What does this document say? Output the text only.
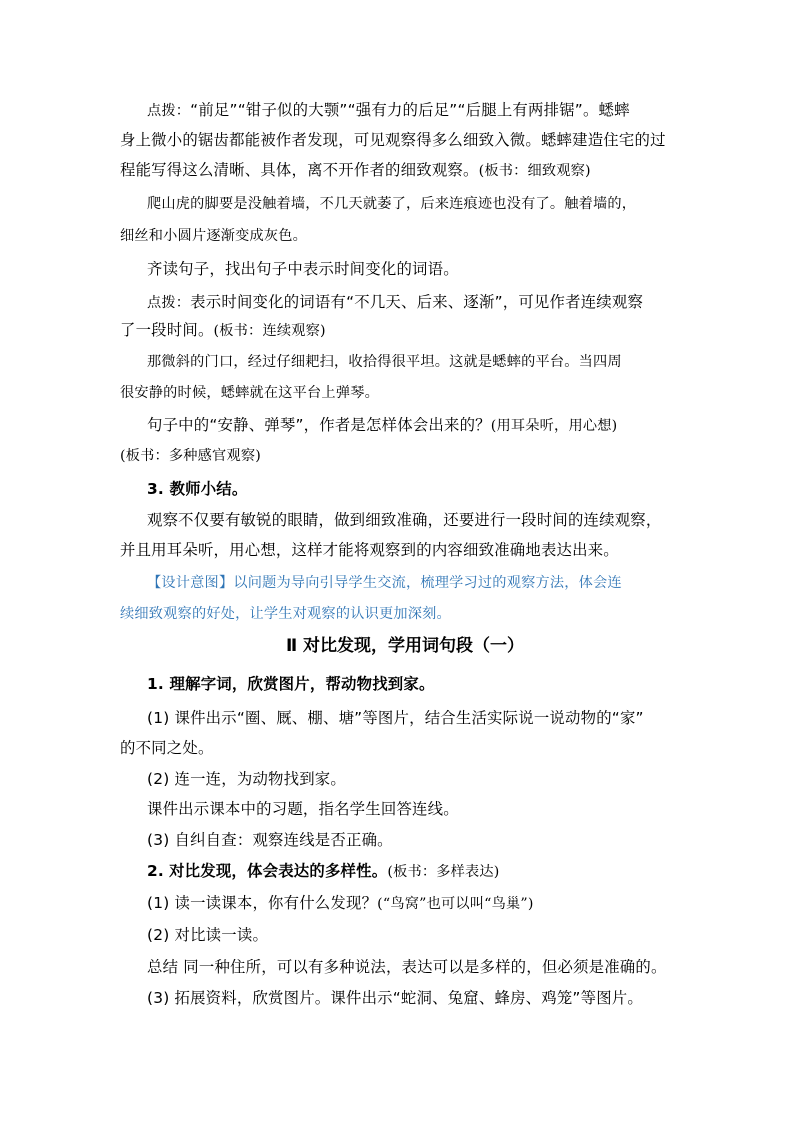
点拨：“前足”“钳子似的大颚”“强有力的后足”“后腿上有两排锯”。蟋蟀
身上微小的锯齿都能被作者发现，可见观察得多么细致入微。蟋蟀建造住宅的过
程能写得这么清晰、具体，离不开作者的细致观察。(板书：细致观察)
爬山虎的脚要是没触着墙，不几天就萎了，后来连痕迹也没有了。触着墙的，
细丝和小圆片逐渐变成灰色。
齐读句子，找出句子中表示时间变化的词语。
点拨：表示时间变化的词语有“不几天、后来、逐渐”，可见作者连续观察
了一段时间。(板书：连续观察)
那微斜的门口，经过仔细耙扫，收拾得很平坦。这就是蟋蟀的平台。当四周
很安静的时候，蟋蟀就在这平台上弹琴。
句子中的“安静、弹琴”，作者是怎样体会出来的？(用耳朵听，用心想)
(板书：多种感官观察)
3. 教师小结。
观察不仅要有敏锐的眼睛，做到细致准确，还要进行一段时间的连续观察，
并且用耳朵听，用心想，这样才能将观察到的内容细致准确地表达出来。
【设计意图】以问题为导向引导学生交流，梳理学习过的观察方法，体会连
续细致观察的好处，让学生对观察的认识更加深刻。
Ⅱ 对比发现，学用词句段（一）
1. 理解字词，欣赏图片，帮动物找到家。
(1) 课件出示“圈、厩、棚、塘”等图片，结合生活实际说一说动物的“家”
的不同之处。
(2) 连一连，为动物找到家。
课件出示课本中的习题，指名学生回答连线。
(3) 自纠自查：观察连线是否正确。
2. 对比发现，体会表达的多样性。(板书：多样表达)
(1) 读一读课本，你有什么发现？(“鸟窝”也可以叫“鸟巢”)
(2) 对比读一读。
总结 同一种住所，可以有多种说法，表达可以是多样的，但必须是准确的。
(3) 拓展资料，欣赏图片。课件出示“蛇洞、兔窟、蜂房、鸡笼”等图片。
